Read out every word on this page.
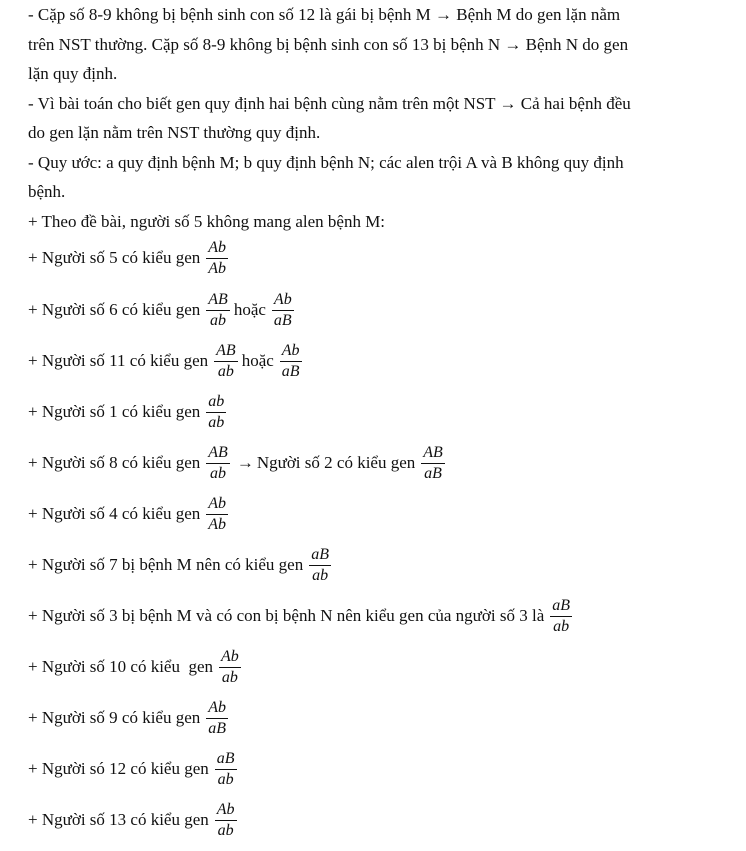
- Cặp số 8-9 không bị bệnh sinh con số 12 là gái bị bệnh M → Bệnh M do gen lặn nằm
trên NST thường. Cặp số 8-9 không bị bệnh sinh con số 13 bị bệnh N → Bệnh N do gen
lặn quy định.
- Vì bài toán cho biết gen quy định hai bệnh cùng nằm trên một NST → Cả hai bệnh đều
do gen lặn nằm trên NST thường quy định.
- Quy ước: a quy định bệnh M; b quy định bệnh N; các alen trội A và B không quy định
bệnh.
+ Theo đề bài, người số 5 không mang alen bệnh M:
+ Người số 5 có kiểu gen $\frac{Ab}{Ab}$
+ Người số 6 có kiểu gen $\frac{AB}{ab}$ hoặc $\frac{Ab}{aB}$
+ Người số 11 có kiểu gen $\frac{AB}{ab}$ hoặc $\frac{Ab}{aB}$
+ Người số 1 có kiểu gen $\frac{ab}{ab}$
+ Người số 8 có kiểu gen $\frac{AB}{ab}$ → Người số 2 có kiểu gen $\frac{AB}{aB}$
+ Người số 4 có kiểu gen $\frac{Ab}{Ab}$
+ Người số 7 bị bệnh M nên có kiểu gen $\frac{aB}{ab}$
+ Người số 3 bị bệnh M và có con bị bệnh N nên kiểu gen của người số 3 là $\frac{aB}{ab}$
+ Người số 10 có kiểu  gen $\frac{Ab}{ab}$
+ Người số 9 có kiểu gen $\frac{Ab}{aB}$
+ Người só 12 có kiểu gen $\frac{aB}{ab}$
+ Người số 13 có kiểu gen $\frac{Ab}{ab}$
